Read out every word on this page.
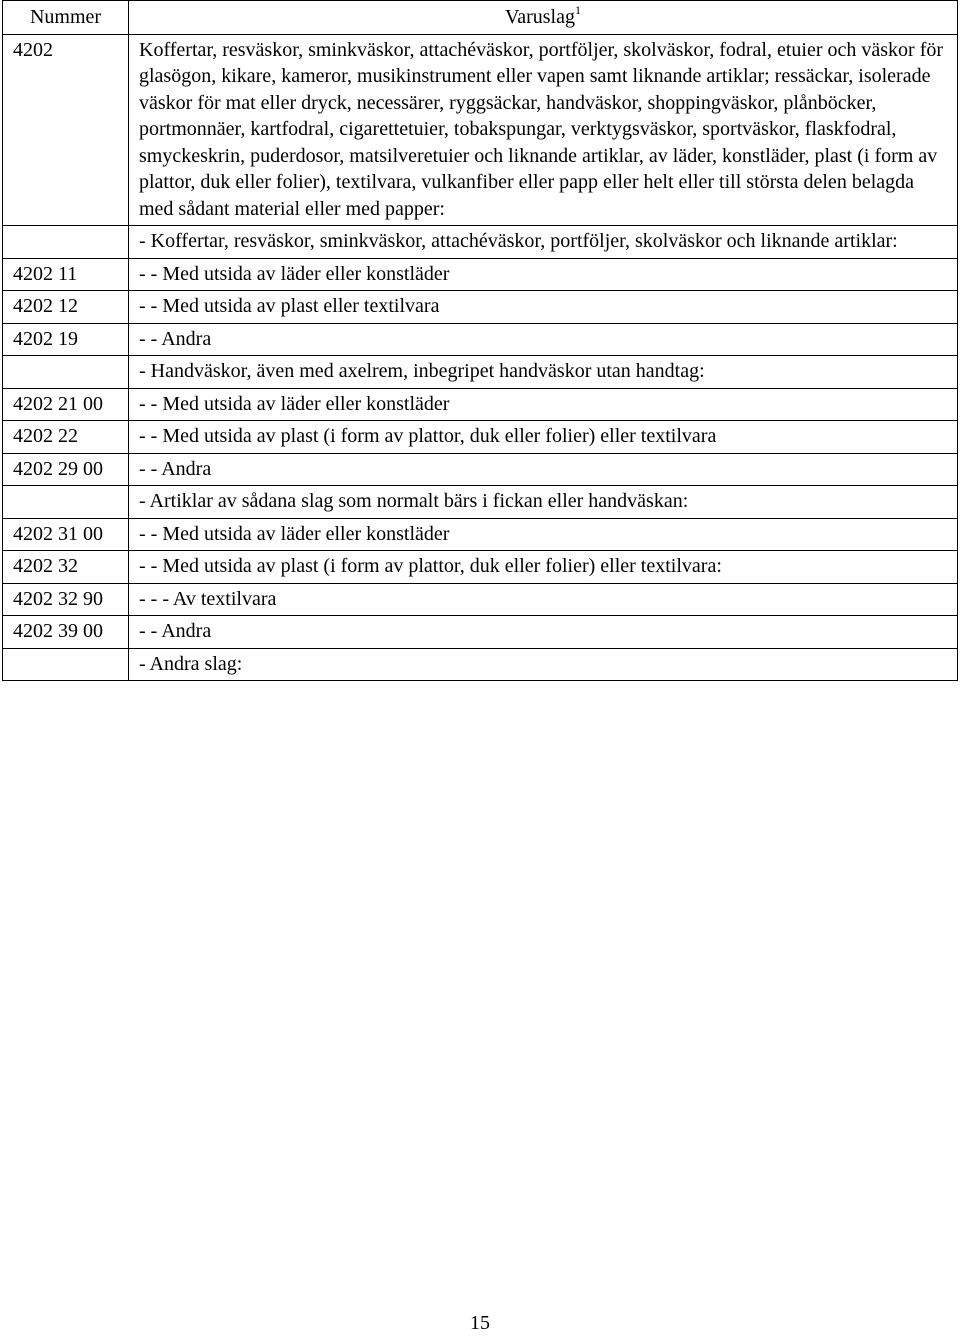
Nummer	Varuslag$^1$
4202	Koffertar, resväskor, sminkväskor, attachéväskor, portföljer, skolväskor, fodral, etuier och väskor för glasögon, kikare, kameror, musikinstrument eller vapen samt liknande artiklar; ressäckar, isolerade väskor för mat eller dryck, necessärer, ryggsäckar, handväskor, shoppingväskor, plånböcker, portmonnäer, kartfodral, cigarettetuier, tobakspungar, verktygsväskor, sportväskor, flaskfodral, smyckeskrin, puderdosor, matsilveretuier och liknande artiklar, av läder, konstläder, plast (i form av plattor, duk eller folier), textilvara, vulkanfiber eller papp eller helt eller till största delen belagda med sådant material eller med papper:
	- Koffertar, resväskor, sminkväskor, attachéväskor, portföljer, skolväskor och liknande artiklar:
4202 11	- - Med utsida av läder eller konstläder
4202 12	- - Med utsida av plast eller textilvara
4202 19	- - Andra
	- Handväskor, även med axelrem, inbegripet handväskor utan handtag:
4202 21 00	- - Med utsida av läder eller konstläder
4202 22	- - Med utsida av plast (i form av plattor, duk eller folier) eller textilvara
4202 29 00	- - Andra
	- Artiklar av sådana slag som normalt bärs i fickan eller handväskan:
4202 31 00	- - Med utsida av läder eller konstläder
4202 32	- - Med utsida av plast (i form av plattor, duk eller folier) eller textilvara:
4202 32 90	- - - Av textilvara
4202 39 00	- - Andra
	- Andra slag:
15
